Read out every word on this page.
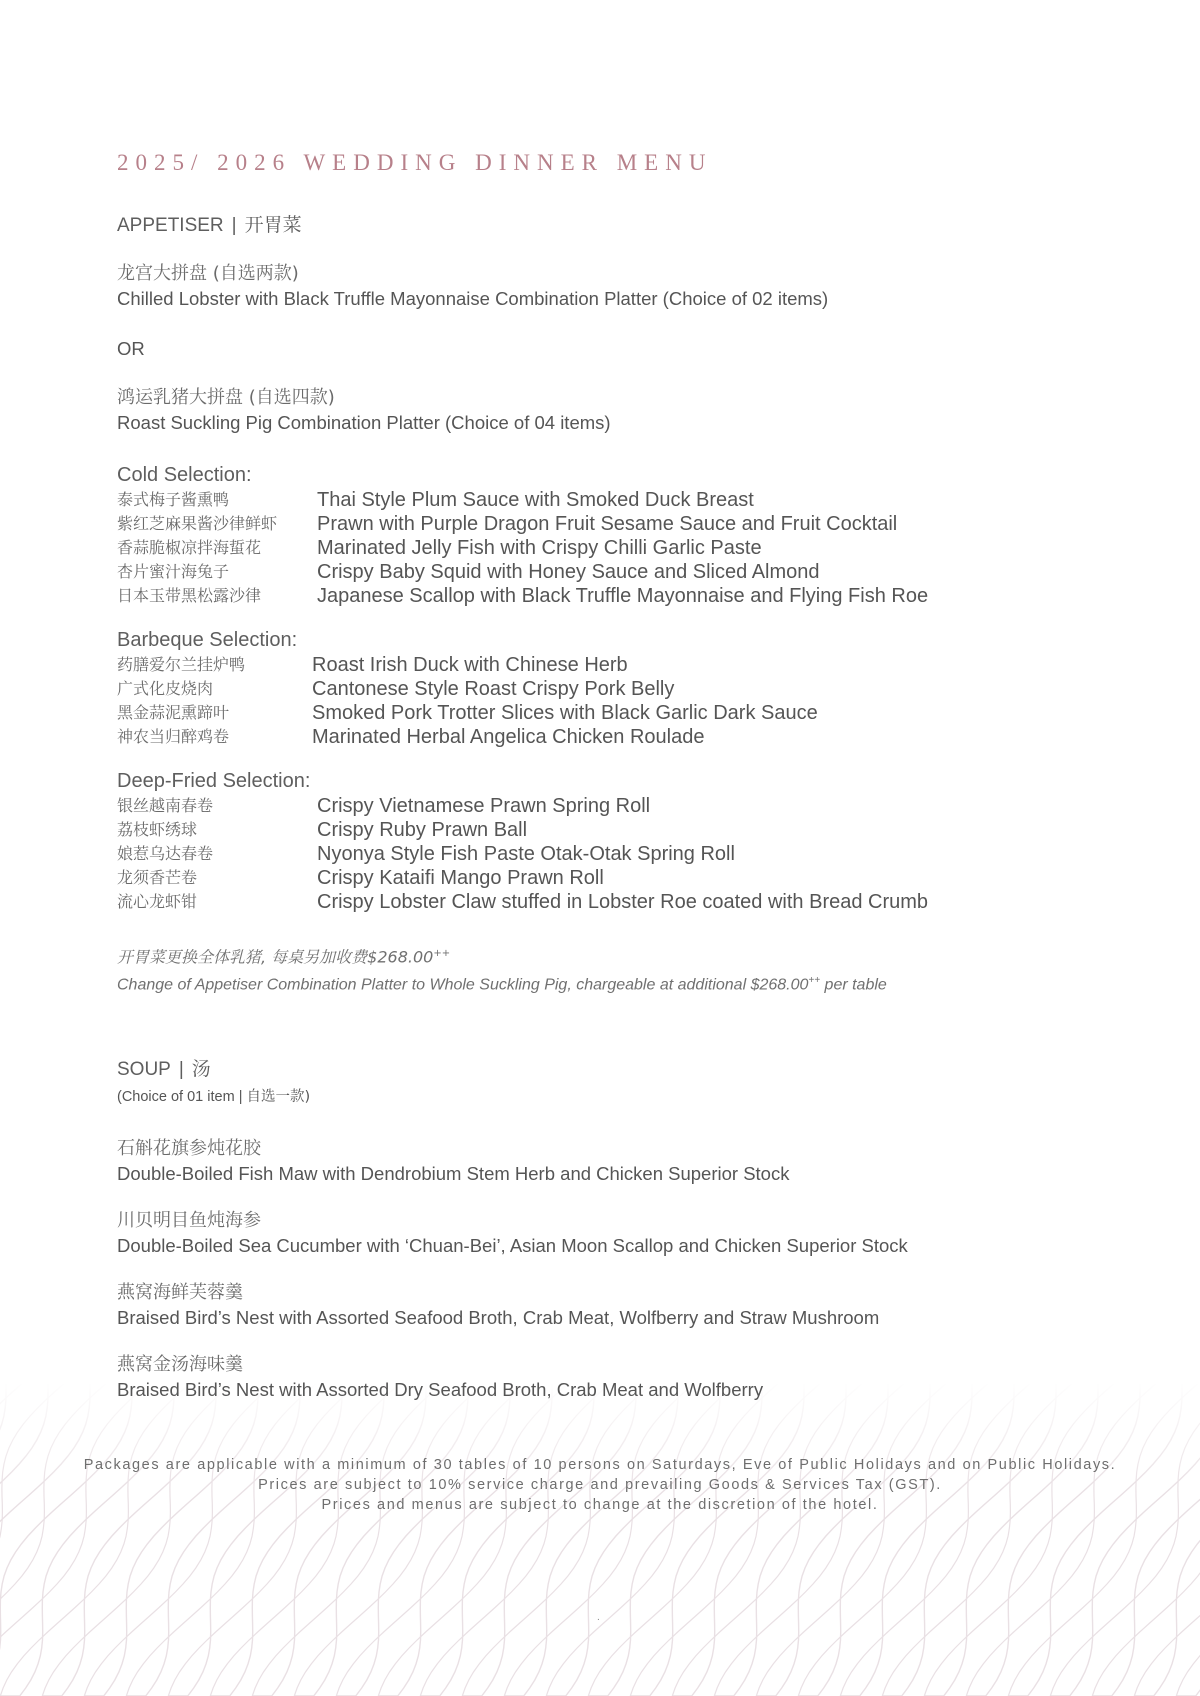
2025/ 2026 WEDDING DINNER MENU
APPETISER | 开胃菜
龙宫大拼盘 (自选两款)
Chilled Lobster with Black Truffle Mayonnaise Combination Platter (Choice of 02 items)
OR
鸿运乳猪大拼盘 (自选四款)
Roast Suckling Pig Combination Platter (Choice of 04 items)
Cold Selection:
泰式梅子酱熏鸭	Thai Style Plum Sauce with Smoked Duck Breast
紫红芝麻果酱沙律鲜虾	Prawn with Purple Dragon Fruit Sesame Sauce and Fruit Cocktail
香蒜脆椒凉拌海蜇花	Marinated Jelly Fish with Crispy Chilli Garlic Paste
杏片蜜汁海兔子	Crispy Baby Squid with Honey Sauce and Sliced Almond
日本玉带黑松露沙律	Japanese Scallop with Black Truffle Mayonnaise and Flying Fish Roe
Barbeque Selection:
药膳爱尔兰挂炉鸭	Roast Irish Duck with Chinese Herb
广式化皮烧肉	Cantonese Style Roast Crispy Pork Belly
黑金蒜泥熏蹄叶	Smoked Pork Trotter Slices with Black Garlic Dark Sauce
神农当归醉鸡卷	Marinated Herbal Angelica Chicken Roulade
Deep-Fried Selection:
银丝越南春卷	Crispy Vietnamese Prawn Spring Roll
荔枝虾绣球	Crispy Ruby Prawn Ball
娘惹乌达春卷	Nyonya Style Fish Paste Otak-Otak Spring Roll
龙须香芒卷	Crispy Kataifi Mango Prawn Roll
流心龙虾钳	Crispy Lobster Claw stuffed in Lobster Roe coated with Bread Crumb
开胃菜更换全体乳猪, 每桌另加收费$268.00++
Change of Appetiser Combination Platter to Whole Suckling Pig, chargeable at additional $268.00++ per table
SOUP | 汤
(Choice of 01 item | 自选一款)
石斛花旗参炖花胶
Double-Boiled Fish Maw with Dendrobium Stem Herb and Chicken Superior Stock
川贝明目鱼炖海参
Double-Boiled Sea Cucumber with ‘Chuan-Bei’, Asian Moon Scallop and Chicken Superior Stock
燕窝海鲜芙蓉羹
Braised Bird’s Nest with Assorted Seafood Broth, Crab Meat, Wolfberry and Straw Mushroom
燕窝金汤海味羹
Braised Bird’s Nest with Assorted Dry Seafood Broth, Crab Meat and Wolfberry
Packages are applicable with a minimum of 30 tables of 10 persons on Saturdays, Eve of Public Holidays and on Public Holidays.
Prices are subject to 10% service charge and prevailing Goods & Services Tax (GST).
Prices and menus are subject to change at the discretion of the hotel.
.
